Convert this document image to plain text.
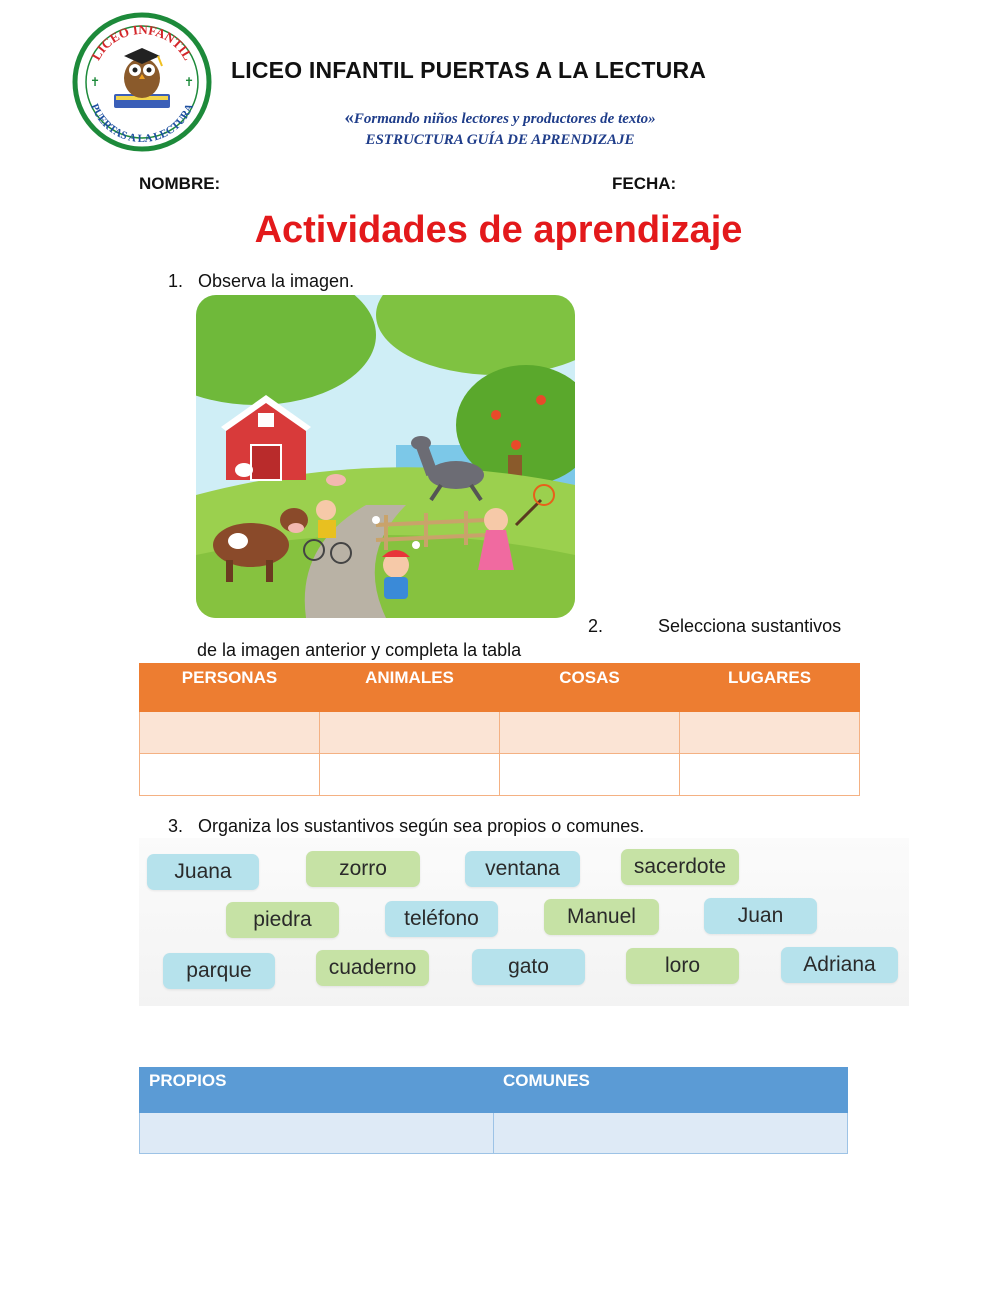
LICEO INFANTIL
PUERTAS A LA LECTURA
✝	✝ LICEO INFANTIL PUERTAS A LA LECTURA
«Formando niños lectores y productores de texto»
ESTRUCTURA GUÍA DE APRENDIZAJE
NOMBRE:	FECHA:
Actividades de aprendizaje
1. Observa la imagen.
2.	Selecciona sustantivos
de la imagen anterior y completa la tabla
PERSONAS	ANIMALES	COSAS	LUGARES

3. Organiza los sustantivos según sea propios o comunes.
Juana	zorro	ventana	sacerdote
piedra	teléfono	Manuel	Juan
parque	cuaderno	gato	loro	Adriana
PROPIOS	COMUNES
